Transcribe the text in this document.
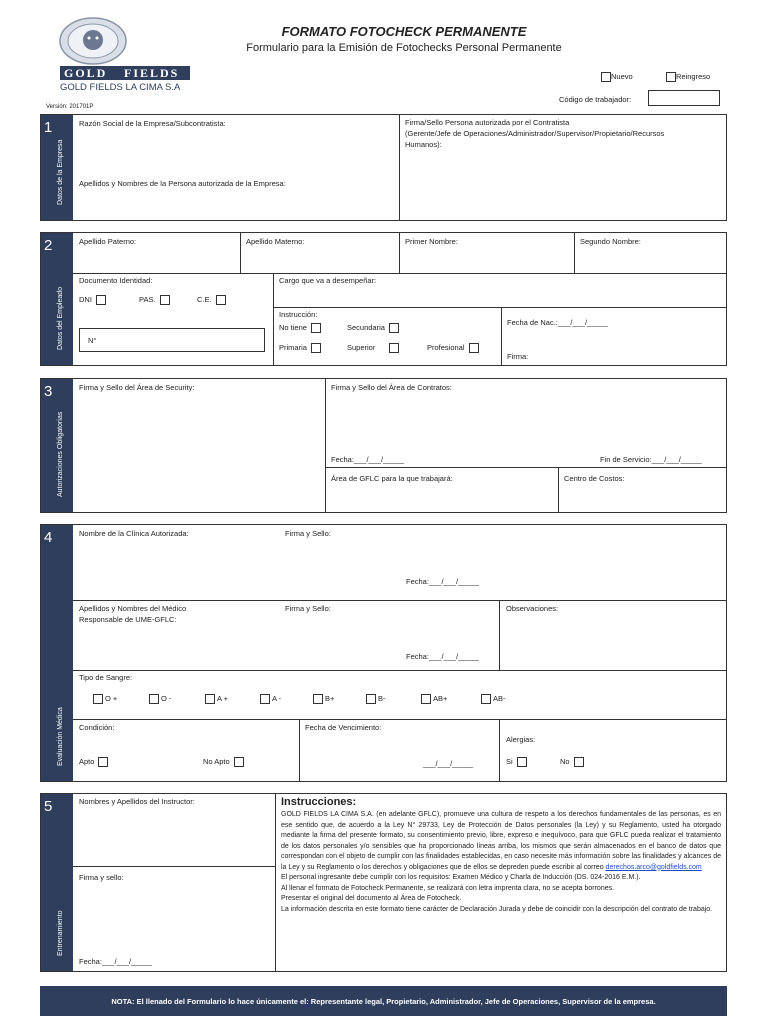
GOLD FIELDS
GOLD FIELDS LA CIMA S.A
Versión: 201701P
FORMATO FOTOCHECK PERMANENTE
Formulario para la Emisión de Fotochecks Personal Permanente
Nuevo	Reingreso
Código de trabajador:
1
Datos de la Empresa
Razón Social de la Empresa/Subcontratista:
Apellidos y Nombres de la Persona autorizada de la Empresa:
Firma/Sello Persona autorizada por el Contratista
(Gerente/Jefe de Operaciones/Administrador/Supervisor/Propietario/Recursos
Humanos):
2
Datos del Empleado
Apellido Paterno:	Apellido Materno:	Primer Nombre:	Segundo Nombre:
Documento Identidad:
DNI	PAS.	C.E.
N°
Cargo que va a desempeñar:
Instrucción:
No tiene	Secundaria
Primaria	Superior	Profesional
Fecha de Nac.:___/___/_____
Firma:
3
Autorizaciones Obligatorias
Firma y Sello del Área de Security:	Firma y Sello del Área de Contratos:
Fecha:___/___/_____	Fin de Servicio:___/___/_____
Área de GFLC para la que trabajará:	Centro de Costos:
4
Evaluación Médica
Nombre de la Clínica Autorizada:	Firma y Sello:
Fecha:___/___/_____
Apellidos y Nombres del Médico
Responsable de UME-GFLC:
Firma y Sello:
Fecha:___/___/_____
Observaciones:
Tipo de Sangre:
O +	O -	A +	A -	B+	B-	AB+	AB-
Condición:
Apto	No Apto
Fecha de Vencimiento:
___/___/_____
Alergias:
Si	No
5
Entrenamiento
Nombres y Apellidos del Instructor:
Firma y sello:
Fecha:___/___/_____
Instrucciones:
GOLD FIELDS LA CIMA S.A. (en adelante GFLC), promueve una cultura de respeto a los derechos fundamentales de las personas, es en ese sentido que, de acuerdo a la Ley N° 29733, Ley de Protección de Datos personales (la Ley) y su Reglamento, usted ha otorgado mediante la firma del presente formato, su consentimiento previo, libre, expreso e inequívoco, para que GFLC pueda realizar el tratamiento de los datos personales y/o sensibles que ha proporcionado líneas arriba, los mismos que serán almacenados en el banco de datos que correspondan con el objeto de cumplir con las finalidades establecidas, en caso necesite más información sobre las finalidades y alcances de la Ley y su Reglamento o los derechos y obligaciones que de ellos se depreden puede escribir al correo derechos.arco@goldfields.com
El personal ingresante debe cumplir con los requisitos: Examen Médico y Charla de Inducción (DS. 024-2016 E.M.).
Al llenar el formato de Fotocheck Permanente, se realizará con letra imprenta clara, no se acepta borrones.
Presentar el original del documento al Área de Fotocheck.
La información descrita en este formato tiene carácter de Declaración Jurada y debe de coincidir con la descripción del contrato de trabajo.
NOTA: El llenado del Formulario lo hace únicamente el: Representante legal, Propietario, Administrador, Jefe de Operaciones, Supervisor de la empresa.
